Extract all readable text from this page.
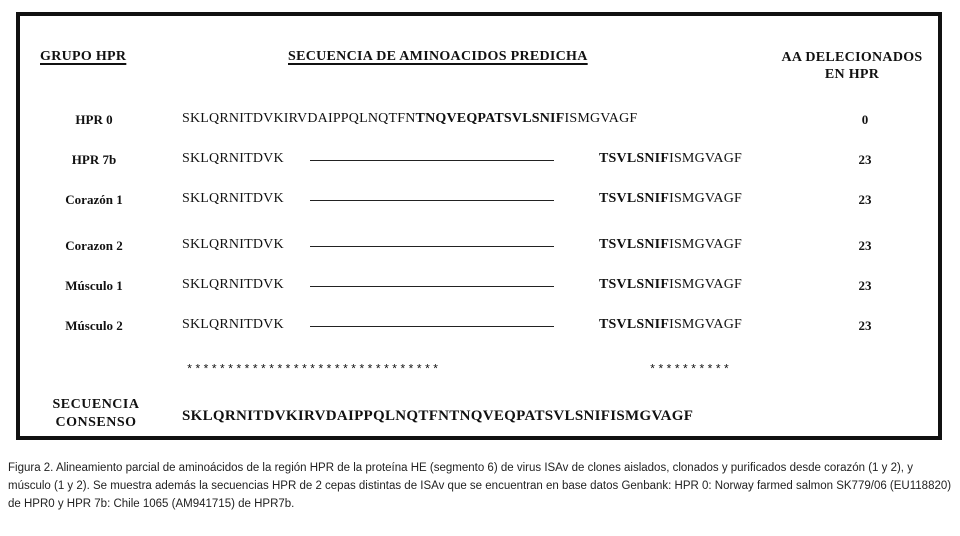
GRUPO HPR	SECUENCIA DE AMINOACIDOS PREDICHA	AA DELECIONADOS
EN HPR
HPR 0	SKLQRNITDVKIRVDAIPPQLNQTFNTNQVEQPATSVLSNIFISMGVAGF	0
HPR 7b	SKLQRNITDVK	TSVLSNIFISMGVAGF	23
Corazón 1	SKLQRNITDVK	TSVLSNIFISMGVAGF	23
Corazon 2	SKLQRNITDVK	TSVLSNIFISMGVAGF	23
Músculo 1	SKLQRNITDVK	TSVLSNIFISMGVAGF	23
Músculo 2	SKLQRNITDVK	TSVLSNIFISMGVAGF	23
*******************************	**********
SECUENCIA
CONSENSO	SKLQRNITDVKIRVDAIPPQLNQTFNTNQVEQPATSVLSNIFISMGVAGF
Figura 2. Alineamiento parcial de aminoácidos de la región HPR de la proteína HE (segmento 6) de virus ISAv de clones aislados, clonados y purificados desde corazón (1 y 2), y músculo (1 y 2). Se muestra además la secuencias HPR de 2 cepas distintas de ISAv que se encuentran en base datos Genbank: HPR 0: Norway farmed salmon SK779/06 (EU118820) de HPR0 y HPR 7b: Chile 1065 (AM941715) de HPR7b.
